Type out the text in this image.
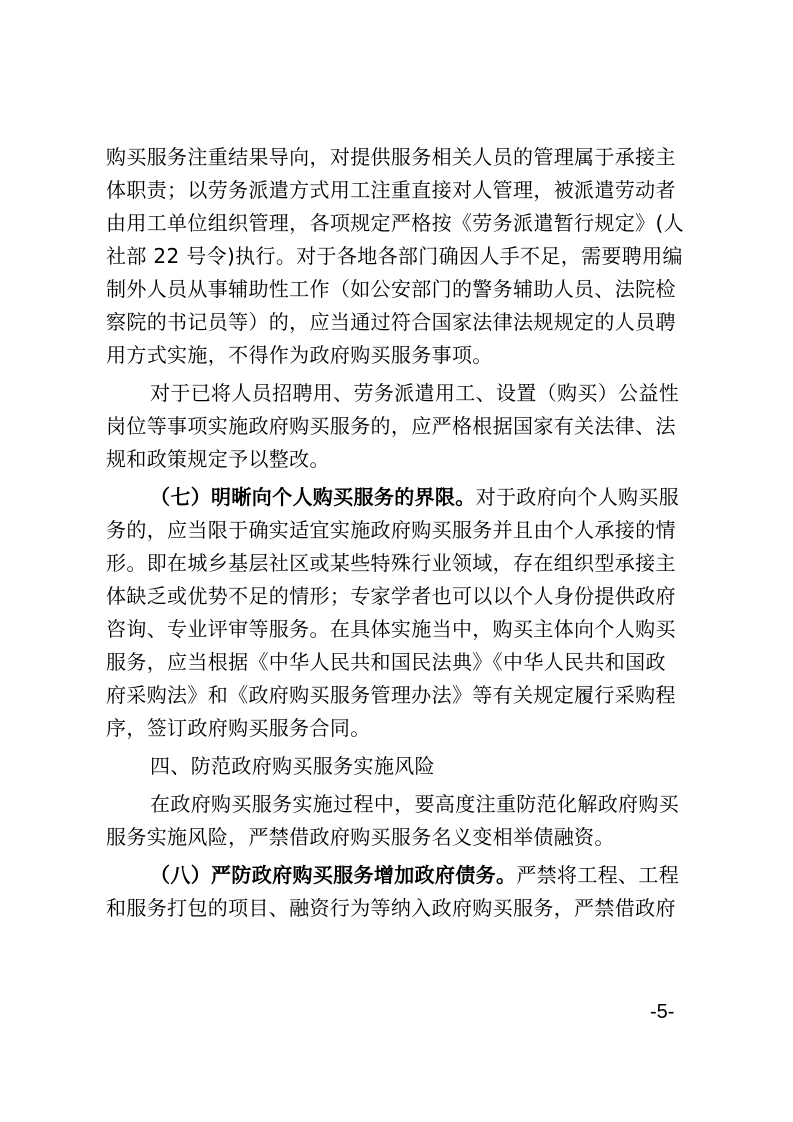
购买服务注重结果导向，对提供服务相关人员的管理属于承接主
体职责；以劳务派遣方式用工注重直接对人管理，被派遣劳动者
由用工单位组织管理，各项规定严格按《劳务派遣暂行规定》(人
社部 22 号令)执行。对于各地各部门确因人手不足，需要聘用编
制外人员从事辅助性工作（如公安部门的警务辅助人员、法院检
察院的书记员等）的，应当通过符合国家法律法规规定的人员聘
用方式实施，不得作为政府购买服务事项。
对于已将人员招聘用、劳务派遣用工、设置（购买）公益性
岗位等事项实施政府购买服务的，应严格根据国家有关法律、法
规和政策规定予以整改。
（七）明晰向个人购买服务的界限。对于政府向个人购买服
务的，应当限于确实适宜实施政府购买服务并且由个人承接的情
形。即在城乡基层社区或某些特殊行业领域，存在组织型承接主
体缺乏或优势不足的情形；专家学者也可以以个人身份提供政府
咨询、专业评审等服务。在具体实施当中，购买主体向个人购买
服务，应当根据《中华人民共和国民法典》《中华人民共和国政
府采购法》和《政府购买服务管理办法》等有关规定履行采购程
序，签订政府购买服务合同。
四、防范政府购买服务实施风险
在政府购买服务实施过程中，要高度注重防范化解政府购买
服务实施风险，严禁借政府购买服务名义变相举债融资。
（八）严防政府购买服务增加政府债务。严禁将工程、工程
和服务打包的项目、融资行为等纳入政府购买服务，严禁借政府
-5-
